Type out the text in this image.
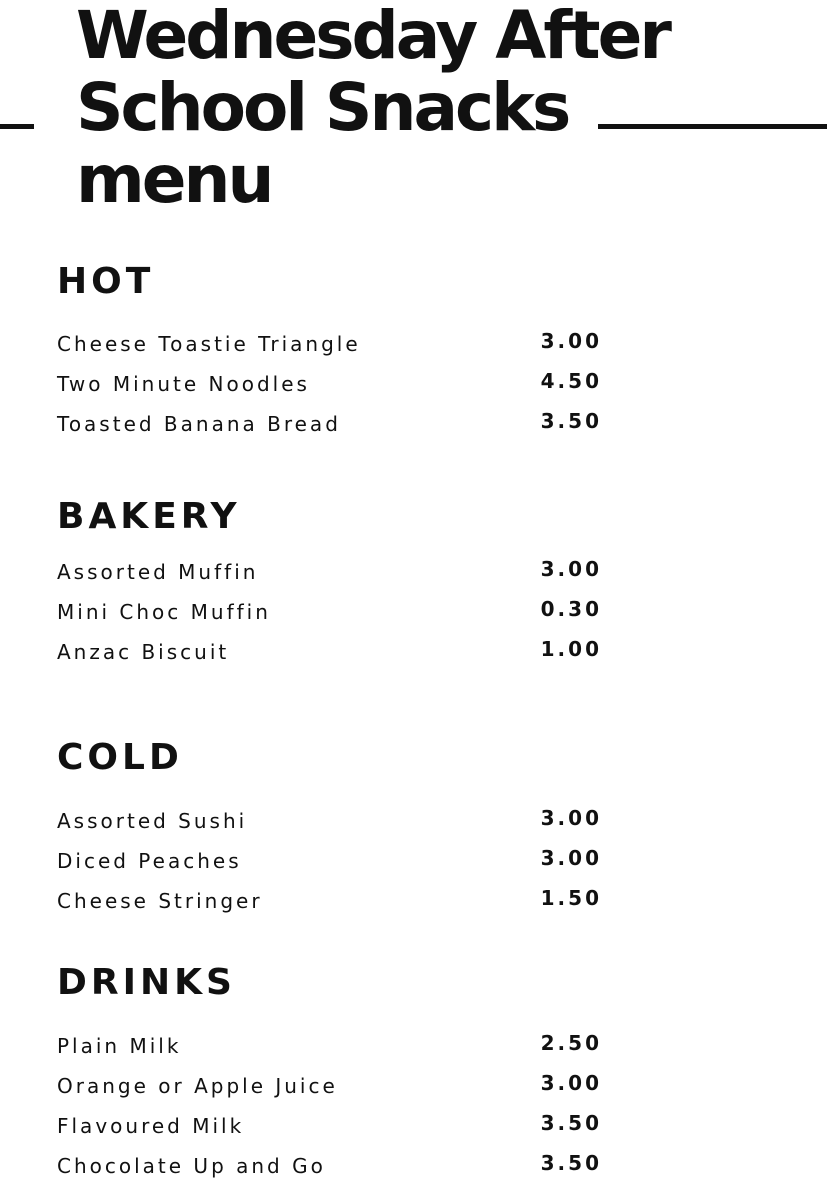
Wednesday After
School Snacks
menu
HOT
Cheese Toastie Triangle	3.00
Two Minute Noodles	4.50
Toasted Banana Bread	3.50
BAKERY
Assorted Muffin	3.00
Mini Choc Muffin	0.30
Anzac Biscuit	1.00
COLD
Assorted Sushi	3.00
Diced Peaches	3.00
Cheese Stringer	1.50
DRINKS
Plain Milk	2.50
Orange or Apple Juice	3.00
Flavoured Milk	3.50
Chocolate Up and Go	3.50
